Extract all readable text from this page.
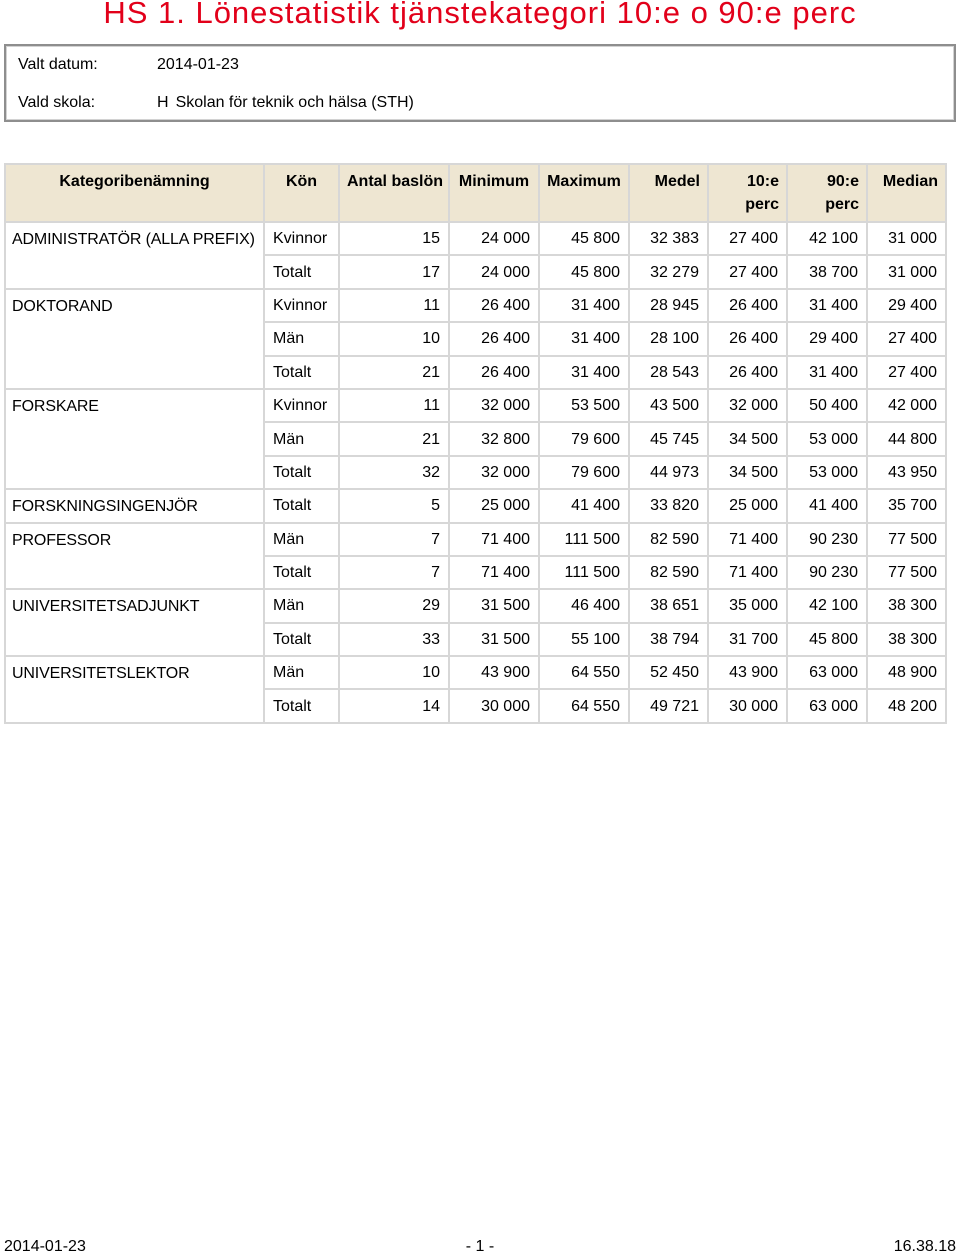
HS 1. Lönestatistik tjänstekategori 10:e o 90:e perc
Valt datum:	2014-01-23
Vald skola:	H Skolan för teknik och hälsa (STH)
Kategoribenämning	Kön	Antal baslön	Minimum	Maximum	Medel	10:e perc	90:e perc	Median
ADMINISTRATÖR (ALLA PREFIX)	Kvinnor	15	24 000	45 800	32 383	27 400	42 100	31 000
	Totalt	17	24 000	45 800	32 279	27 400	38 700	31 000
DOKTORAND	Kvinnor	11	26 400	31 400	28 945	26 400	31 400	29 400
	Män	10	26 400	31 400	28 100	26 400	29 400	27 400
	Totalt	21	26 400	31 400	28 543	26 400	31 400	27 400
FORSKARE	Kvinnor	11	32 000	53 500	43 500	32 000	50 400	42 000
	Män	21	32 800	79 600	45 745	34 500	53 000	44 800
	Totalt	32	32 000	79 600	44 973	34 500	53 000	43 950
FORSKNINGSINGENJÖR	Totalt	5	25 000	41 400	33 820	25 000	41 400	35 700
PROFESSOR	Män	7	71 400	111 500	82 590	71 400	90 230	77 500
	Totalt	7	71 400	111 500	82 590	71 400	90 230	77 500
UNIVERSITETSADJUNKT	Män	29	31 500	46 400	38 651	35 000	42 100	38 300
	Totalt	33	31 500	55 100	38 794	31 700	45 800	38 300
UNIVERSITETSLEKTOR	Män	10	43 900	64 550	52 450	43 900	63 000	48 900
	Totalt	14	30 000	64 550	49 721	30 000	63 000	48 200
2014-01-23	- 1 -	16.38.18
